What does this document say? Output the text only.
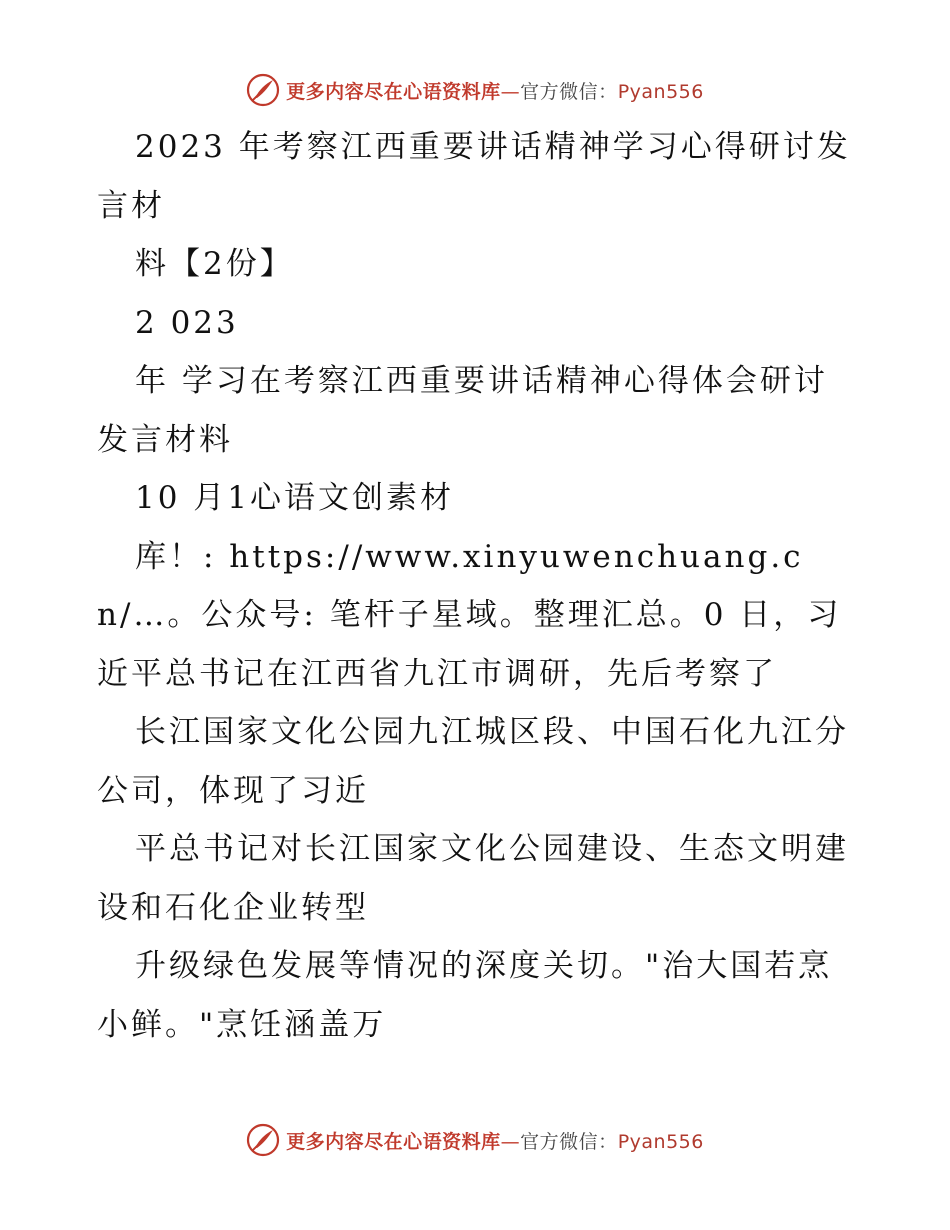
更多内容尽在心语资料库—官方微信：Pyan556

2023 年考察江西重要讲话精神学习心得研讨发言材

料【2份】

2 023

年 学习在考察江西重要讲话精神心得体会研讨发言材料

10 月1心语文创素材

库！: https://www.xinyuwenchuang.cn/…。公众号: 笔杆子星域。整理汇总。0 日，习近平总书记在江西省九江市调研，先后考察了

长江国家文化公园九江城区段、中国石化九江分公司，体现了习近

平总书记对长江国家文化公园建设、生态文明建设和石化企业转型

升级绿色发展等情况的深度关切。"治大国若烹小鲜。"烹饪涵盖万

更多内容尽在心语资料库—官方微信：Pyan556
